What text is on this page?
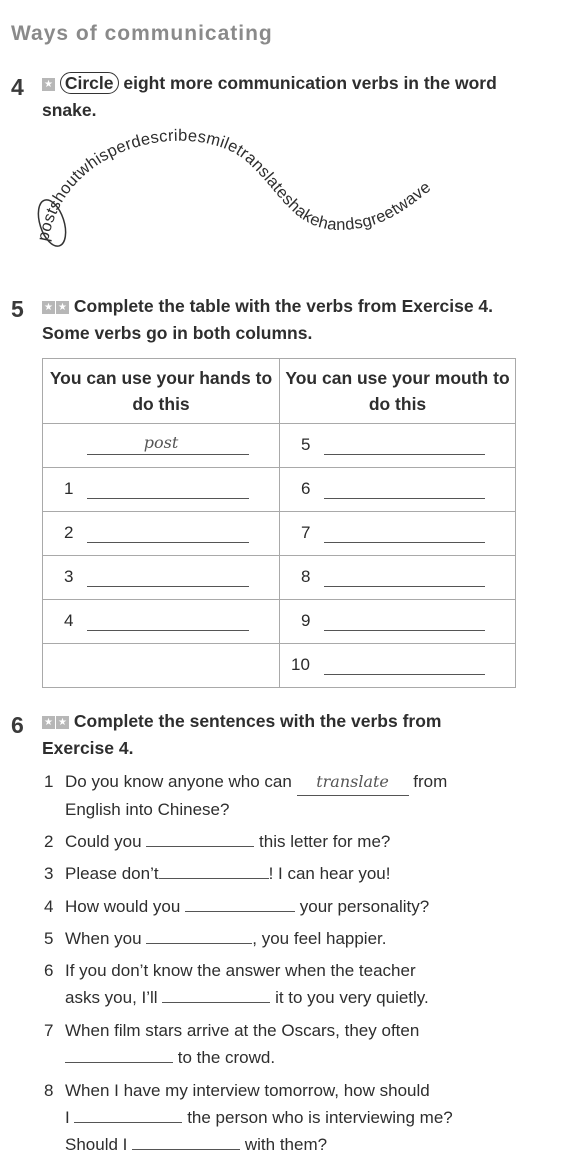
Ways of communicating
4 ★ Circle eight more communication verbs in the word snake.
postshoutwhisperdescribesmiletranslateshakehandsgreetwave
5 ★ ★ Complete the table with the verbs from Exercise 4. Some verbs go in both columns.
You can use your hands to do this	You can use your mouth to do this

post	5

1	6

2	7

3	8

4	9

	10
6 ★ ★ Complete the sentences with the verbs from
Exercise 4.
1 Do you know anyone who can translate from
English into Chinese?
2 Could you	this letter for me?
3 Please don’t	! I can hear you!
4 How would you	your personality?
5 When you	, you feel happier.
6 If you don’t know the answer when the teacher
asks you, I’ll	it to you very quietly.
7 When film stars arrive at the Oscars, they often
to the crowd.
8 When I have my interview tomorrow, how should
I	the person who is interviewing me?
Should I	with them?
